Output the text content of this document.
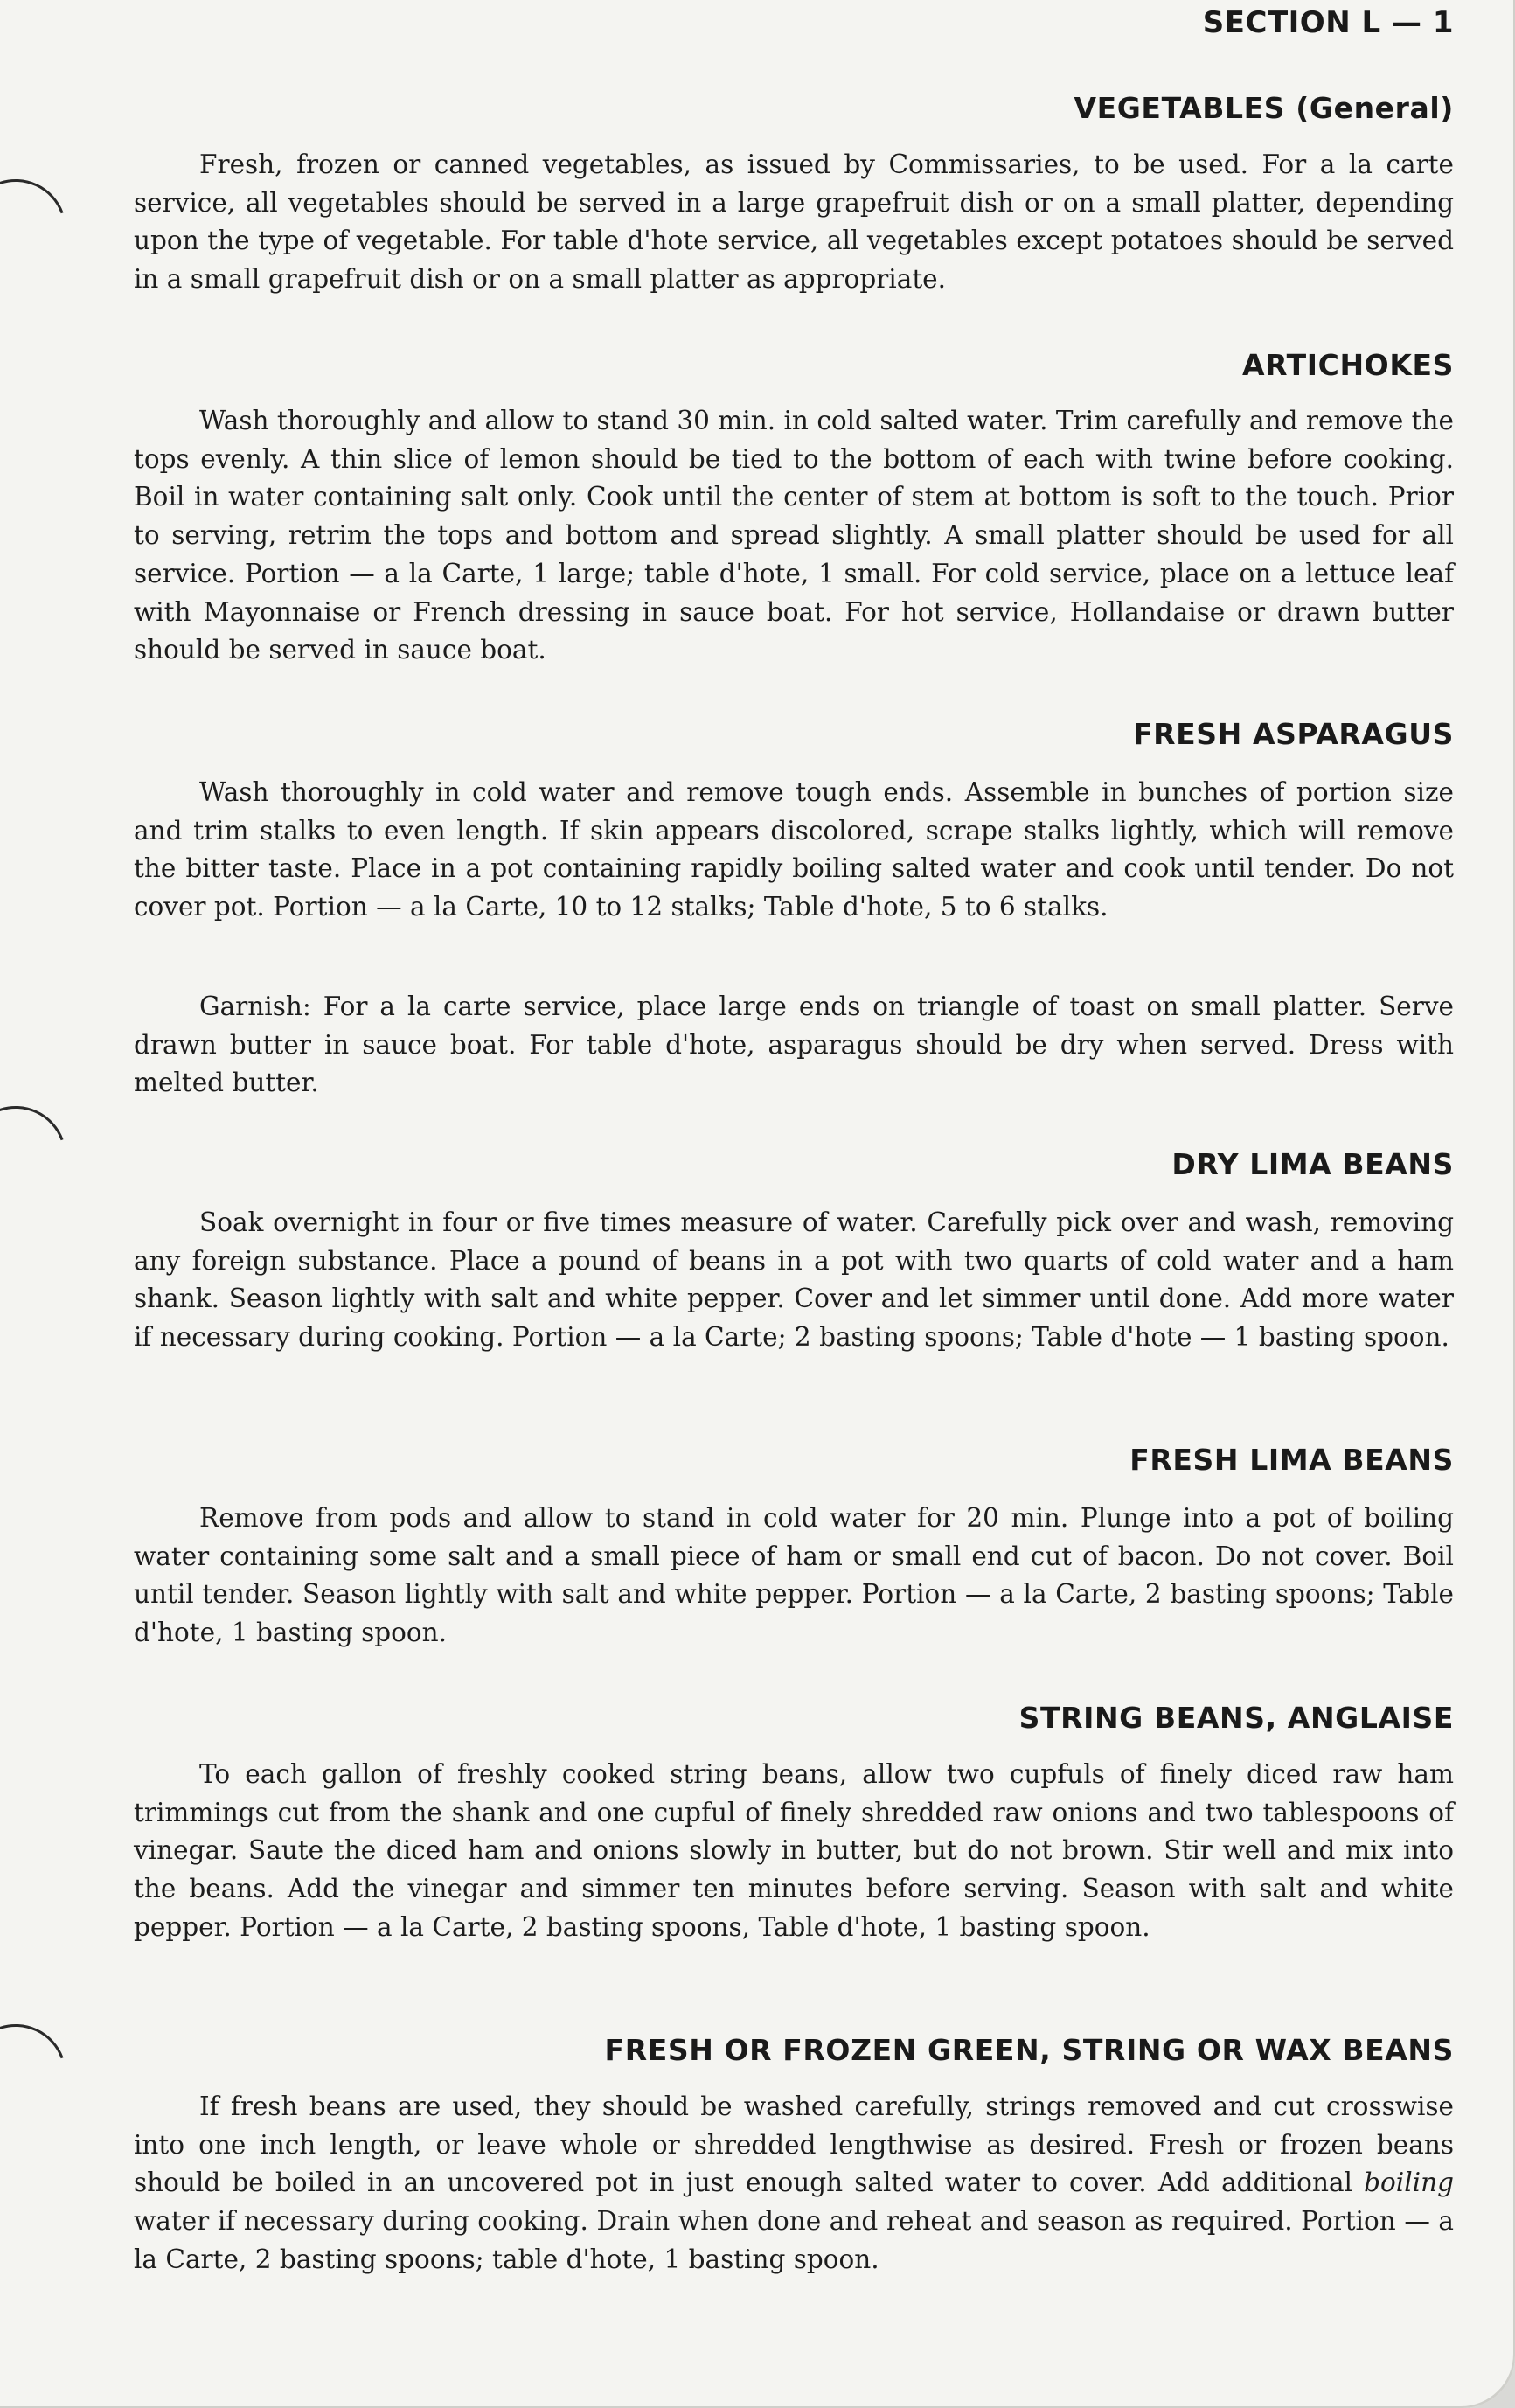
SECTION L — 1
VEGETABLES (General)

Fresh, frozen or canned vegetables, as issued by Commissaries, to be used. For a la carte service, all vegetables should be served in a large grapefruit dish or on a small platter, depending upon the type of vegetable. For table d'hote service, all vegetables except potatoes should be served in a small grapefruit dish or on a small platter as appropriate.

ARTICHOKES

Wash thoroughly and allow to stand 30 min. in cold salted water. Trim carefully and remove the tops evenly. A thin slice of lemon should be tied to the bottom of each with twine before cooking. Boil in water containing salt only. Cook until the center of stem at bottom is soft to the touch. Prior to serving, retrim the tops and bottom and spread slightly. A small platter should be used for all service. Portion — a la Carte, 1 large; table d'hote, 1 small. For cold service, place on a lettuce leaf with Mayonnaise or French dressing in sauce boat. For hot service, Hollandaise or drawn butter should be served in sauce boat.

FRESH ASPARAGUS

Wash thoroughly in cold water and remove tough ends. Assemble in bunches of portion size and trim stalks to even length. If skin appears discolored, scrape stalks lightly, which will remove the bitter taste. Place in a pot containing rapidly boiling salted water and cook until tender. Do not cover pot. Portion — a la Carte, 10 to 12 stalks; Table d'hote, 5 to 6 stalks.

Garnish: For a la carte service, place large ends on triangle of toast on small platter. Serve drawn butter in sauce boat. For table d'hote, asparagus should be dry when served. Dress with melted butter.

DRY LIMA BEANS

Soak overnight in four or five times measure of water. Carefully pick over and wash, removing any foreign substance. Place a pound of beans in a pot with two quarts of cold water and a ham shank. Season lightly with salt and white pepper. Cover and let simmer until done. Add more water if necessary during cooking. Portion — a la Carte; 2 basting spoons; Table d'hote — 1 basting spoon.

FRESH LIMA BEANS

Remove from pods and allow to stand in cold water for 20 min. Plunge into a pot of boiling water containing some salt and a small piece of ham or small end cut of bacon. Do not cover. Boil until tender. Season lightly with salt and white pepper. Portion — a la Carte, 2 basting spoons; Table d'hote, 1 basting spoon.

STRING BEANS, ANGLAISE

To each gallon of freshly cooked string beans, allow two cupfuls of finely diced raw ham trimmings cut from the shank and one cupful of finely shredded raw onions and two tablespoons of vinegar. Saute the diced ham and onions slowly in butter, but do not brown. Stir well and mix into the beans. Add the vinegar and simmer ten minutes before serving. Season with salt and white pepper. Portion — a la Carte, 2 basting spoons, Table d'hote, 1 basting spoon.

FRESH OR FROZEN GREEN, STRING OR WAX BEANS

If fresh beans are used, they should be washed carefully, strings removed and cut crosswise into one inch length, or leave whole or shredded lengthwise as desired. Fresh or frozen beans should be boiled in an uncovered pot in just enough salted water to cover. Add additional boiling water if necessary during cooking. Drain when done and reheat and season as required. Portion — a la Carte, 2 basting spoons; table d'hote, 1 basting spoon.
